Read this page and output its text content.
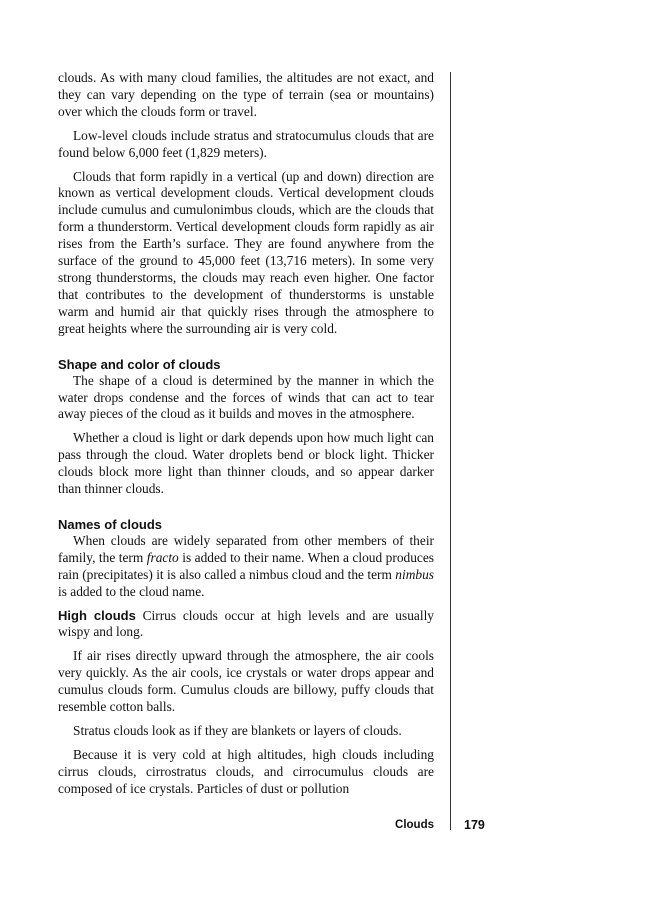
clouds. As with many cloud families, the altitudes are not exact, and they can vary depending on the type of terrain (sea or mountains) over which the clouds form or travel.

Low-level clouds include stratus and stratocumulus clouds that are found below 6,000 feet (1,829 meters).

Clouds that form rapidly in a vertical (up and down) direction are known as vertical development clouds. Vertical development clouds include cumulus and cumulonimbus clouds, which are the clouds that form a thunderstorm. Vertical development clouds form rapidly as air rises from the Earth’s surface. They are found anywhere from the surface of the ground to 45,000 feet (13,716 meters). In some very strong thunderstorms, the clouds may reach even higher. One factor that contributes to the development of thunderstorms is unstable warm and humid air that quickly rises through the atmosphere to great heights where the surrounding air is very cold.

Shape and color of clouds

The shape of a cloud is determined by the manner in which the water drops condense and the forces of winds that can act to tear away pieces of the cloud as it builds and moves in the atmosphere.

Whether a cloud is light or dark depends upon how much light can pass through the cloud. Water droplets bend or block light. Thicker clouds block more light than thinner clouds, and so appear darker than thinner clouds.

Names of clouds

When clouds are widely separated from other members of their family, the term fracto is added to their name. When a cloud produces rain (precipitates) it is also called a nimbus cloud and the term nimbus is added to the cloud name.

High clouds Cirrus clouds occur at high levels and are usually wispy and long.

If air rises directly upward through the atmosphere, the air cools very quickly. As the air cools, ice crystals or water drops appear and cumulus clouds form. Cumulus clouds are billowy, puffy clouds that resemble cotton balls.

Stratus clouds look as if they are blankets or layers of clouds.

Because it is very cold at high altitudes, high clouds including cirrus clouds, cirrostratus clouds, and cirrocumulus clouds are composed of ice crystals. Particles of dust or pollution

Clouds 179
